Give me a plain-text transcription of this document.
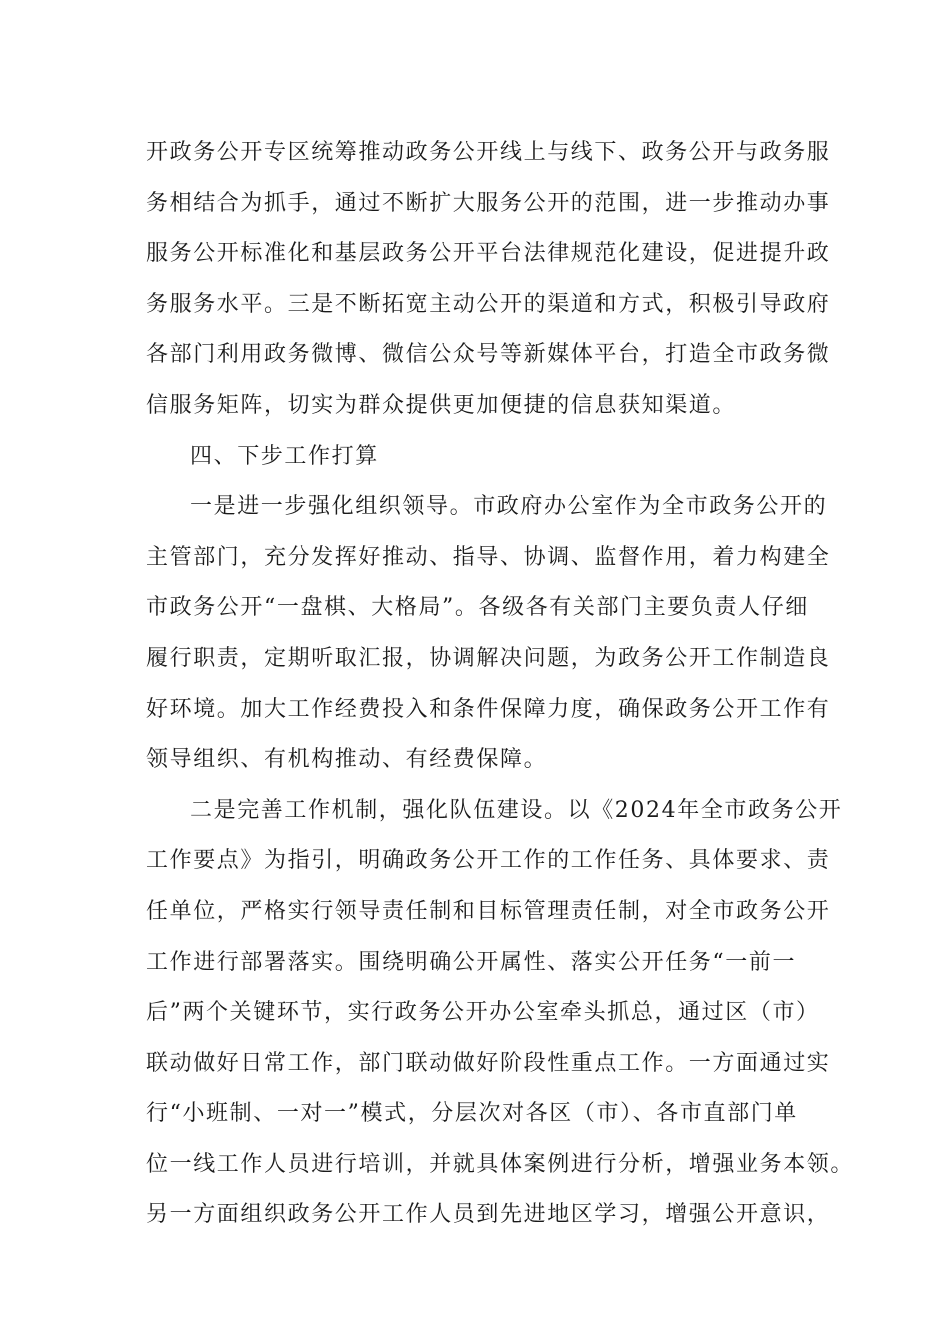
开政务公开专区统筹推动政务公开线上与线下、政务公开与政务服
务相结合为抓手，通过不断扩大服务公开的范围，进一步推动办事
服务公开标准化和基层政务公开平台法律规范化建设，促进提升政
务服务水平。三是不断拓宽主动公开的渠道和方式，积极引导政府
各部门利用政务微博、微信公众号等新媒体平台，打造全市政务微
信服务矩阵，切实为群众提供更加便捷的信息获知渠道。
四、下步工作打算
一是进一步强化组织领导。市政府办公室作为全市政务公开的
主管部门，充分发挥好推动、指导、协调、监督作用，着力构建全
市政务公开“一盘棋、大格局”。各级各有关部门主要负责人仔细
履行职责，定期听取汇报，协调解决问题，为政务公开工作制造良
好环境。加大工作经费投入和条件保障力度，确保政务公开工作有
领导组织、有机构推动、有经费保障。
二是完善工作机制，强化队伍建设。以《2024年全市政务公开
工作要点》为指引，明确政务公开工作的工作任务、具体要求、责
任单位，严格实行领导责任制和目标管理责任制，对全市政务公开
工作进行部署落实。围绕明确公开属性、落实公开任务“一前一
后”两个关键环节，实行政务公开办公室牵头抓总，通过区（市）
联动做好日常工作，部门联动做好阶段性重点工作。一方面通过实
行“小班制、一对一”模式，分层次对各区（市）、各市直部门单
位一线工作人员进行培训，并就具体案例进行分析，增强业务本领。
另一方面组织政务公开工作人员到先进地区学习，增强公开意识，
